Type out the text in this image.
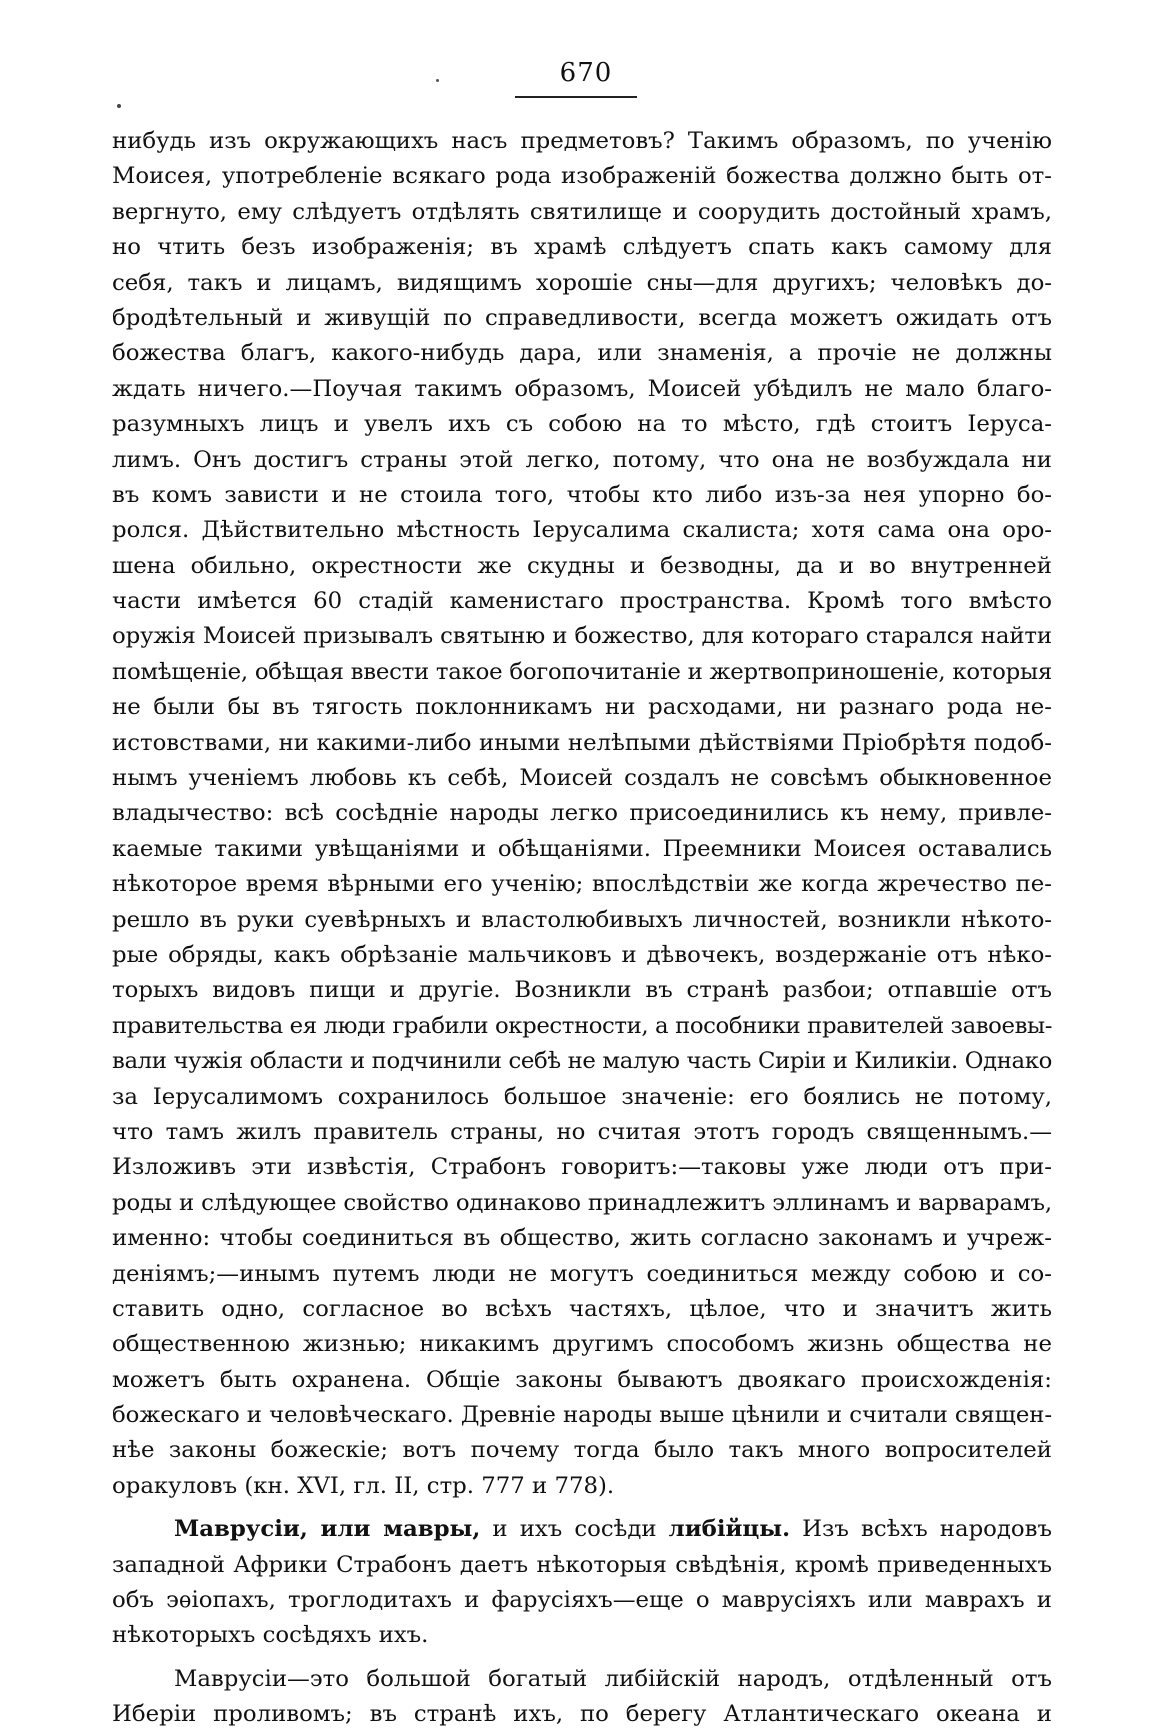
670
нибудь изъ окружающихъ насъ предметовъ? Такимъ образомъ, по ученію
Моисея, употребленіе всякаго рода изображеній божества должно быть от-
вергнуто, ему слѣдуетъ отдѣлять святилище и соорудить достойный храмъ,
но чтить безъ изображенія; въ храмѣ слѣдуетъ спать какъ самому для
себя, такъ и лицамъ, видящимъ хорошіе сны—для другихъ; человѣкъ до-
бродѣтельный и живущій по справедливости, всегда можетъ ожидать отъ
божества благъ, какого-нибудь дара, или знаменія, а прочіе не должны
ждать ничего.—Поучая такимъ образомъ, Моисей убѣдилъ не мало благо-
разумныхъ лицъ и увелъ ихъ съ собою на то мѣсто, гдѣ стоитъ Іеруса-
лимъ. Онъ достигъ страны этой легко, потому, что она не возбуждала ни
въ комъ зависти и не стоила того, чтобы кто либо изъ-за нея упорно бо-
ролся. Дѣйствительно мѣстность Іерусалима скалиста; хотя сама она оро-
шена обильно, окрестности же скудны и безводны, да и во внутренней
части имѣется 60 стадій каменистаго пространства. Кромѣ того вмѣсто
оружія Моисей призывалъ святыню и божество, для котораго старался найти
помѣщеніе, обѣщая ввести такое богопочитаніе и жертвоприношеніе, которыя
не были бы въ тягость поклонникамъ ни расходами, ни разнаго рода не-
истовствами, ни какими-либо иными нелѣпыми дѣйствіями Пріобрѣтя подоб-
нымъ ученіемъ любовь къ себѣ, Моисей создалъ не совсѣмъ обыкновенное
владычество: всѣ сосѣдніе народы легко присоединились къ нему, привле-
каемые такими увѣщаніями и обѣщаніями. Преемники Моисея оставались
нѣкоторое время вѣрными его ученію; впослѣдствіи же когда жречество пе-
решло въ руки суевѣрныхъ и властолюбивыхъ личностей, возникли нѣкото-
рые обряды, какъ обрѣзаніе мальчиковъ и дѣвочекъ, воздержаніе отъ нѣко-
торыхъ видовъ пищи и другіе. Возникли въ странѣ разбои; отпавшіе отъ
правительства ея люди грабили окрестности, а пособники правителей завоевы-
вали чужія области и подчинили себѣ не малую часть Сиріи и Киликіи. Однако
за Іерусалимомъ сохранилось большое значеніе: его боялись не потому,
что тамъ жилъ правитель страны, но считая этотъ городъ священнымъ.—
Изложивъ эти извѣстія, Страбонъ говоритъ:—таковы уже люди отъ при-
роды и слѣдующее свойство одинаково принадлежитъ эллинамъ и варварамъ,
именно: чтобы соединиться въ общество, жить согласно законамъ и учреж-
деніямъ;—инымъ путемъ люди не могутъ соединиться между собою и со-
ставить одно, согласное во всѣхъ частяхъ, цѣлое, что и значитъ жить
общественною жизнью; никакимъ другимъ способомъ жизнь общества не
можетъ быть охранена. Общіе законы бываютъ двоякаго происхожденія:
божескаго и человѣческаго. Древніе народы выше цѣнили и считали священ-
нѣе законы божескіе; вотъ почему тогда было такъ много вопросителей
оракуловъ (кн. XVI, гл. II, стр. 777 и 778).
Маврусіи, или мавры, и ихъ сосѣди либійцы. Изъ всѣхъ народовъ
западной Африки Страбонъ даетъ нѣкоторыя свѣдѣнія, кромѣ приведенныхъ
объ эѳіопахъ, троглодитахъ и фарусіяхъ—еще о маврусіяхъ или маврахъ и
нѣкоторыхъ сосѣдяхъ ихъ.
Маврусіи—это большой богатый либійскій народъ, отдѣленный отъ
Иберіи проливомъ; въ странѣ ихъ, по берегу Атлантическаго океана и
